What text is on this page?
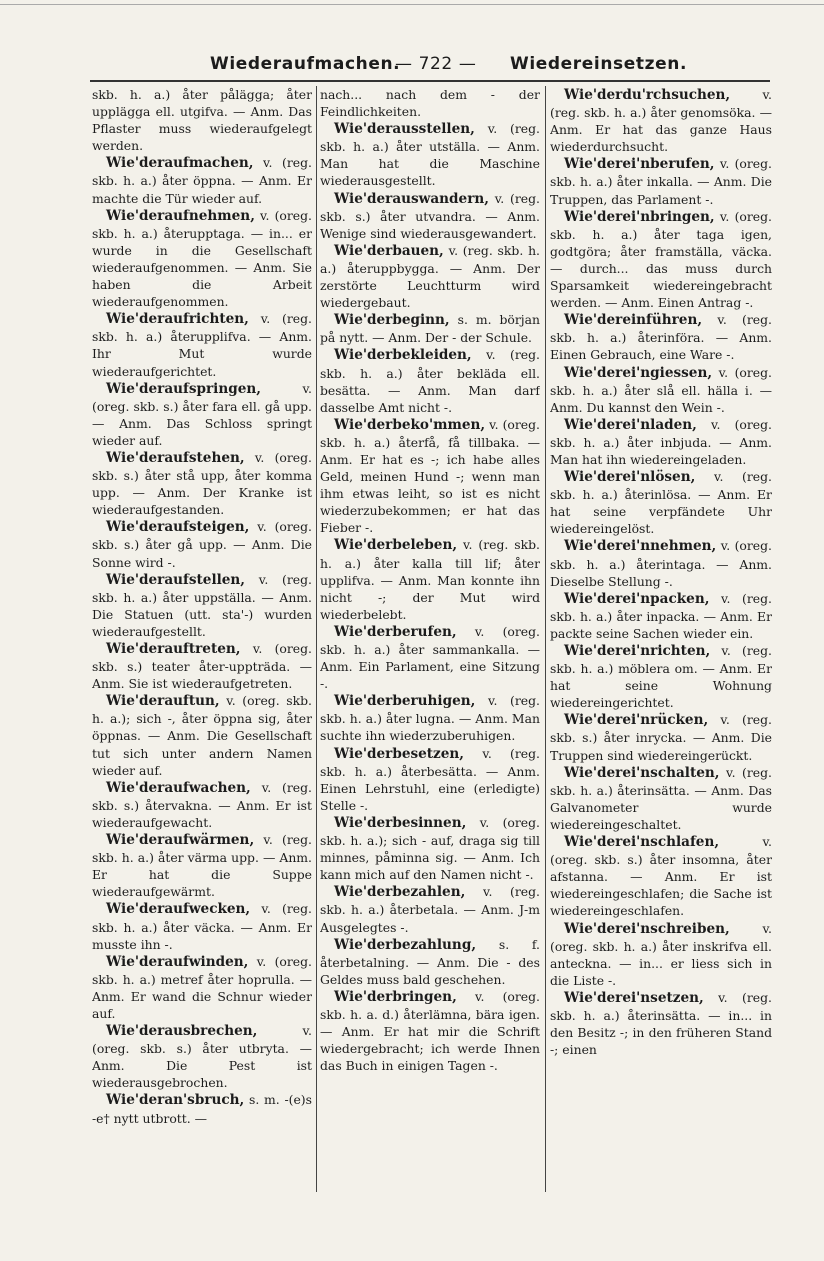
Wiederaufmachen.
— 722 — Wiedereinsetzen.
skb. h. a.) åter pålägga; åter upplägga ell. utgifva. — Anm. Das Pflaster muss wiederaufgelegt werden.
Wie'deraufmachen, v. (reg. skb. h. a.) åter öppna. — Anm. Er machte die Tür wieder auf.
Wie'deraufnehmen, v. (oreg. skb. h. a.) återupptaga. — in... er wurde in die Gesellschaft wiederaufgenommen. — Anm. Sie haben die Arbeit wiederaufgenommen.
Wie'deraufrichten, v. (reg. skb. h. a.) återupplifva. — Anm. Ihr Mut wurde wiederaufgerichtet.
Wie'deraufspringen,	v. (oreg. skb. s.) åter fara ell. gå upp. — Anm. Das Schloss springt wieder auf.
Wie'deraufstehen, v. (oreg. skb. s.) åter stå upp, åter komma upp. — Anm. Der Kranke ist wiederaufgestanden.
Wie'deraufsteigen, v. (oreg. skb. s.) åter gå upp. — Anm. Die Sonne wird -.
Wie'deraufstellen, v. (reg. skb. h. a.) åter uppställa. — Anm. Die Statuen (utt. sta'-) wurden wiederaufgestellt.
Wie'derauftreten, v. (oreg. skb. s.) teater åter-uppträda. — Anm. Sie ist wiederaufgetreten.
Wie'derauftun, v. (oreg. skb. h. a.); sich -, åter öppna sig, åter öppnas. — Anm. Die Gesellschaft tut sich unter andern Namen wieder auf.
Wie'deraufwachen, v. (reg. skb. s.) återvakna. — Anm. Er ist wiederaufgewacht.
Wie'deraufwärmen, v. (reg. skb. h. a.) åter värma upp. — Anm. Er hat die Suppe wiederaufgewärmt.
Wie'deraufwecken, v. (reg. skb. h. a.) åter väcka. — Anm. Er musste ihn -.
Wie'deraufwinden, v. (oreg. skb. h. a.) metref åter hoprulla. — Anm. Er wand die Schnur wieder auf.
Wie'derausbrechen,	v. (oreg. skb. s.) åter utbryta. — Anm. Die Pest ist wiederausgebrochen.
Wie'deran'sbruch, s. m. -(e)s -e† nytt utbrott. —
nach... nach dem - der Feindlichkeiten.
Wie'derausstellen, v. (reg. skb. h. a.) åter utställa. — Anm. Man hat die Maschine wiederausgestellt.
Wie'derauswandern, v. (reg. skb. s.) åter utvandra. — Anm. Wenige sind wiederausgewandert.
Wie'derbauen, v. (reg. skb. h. a.) återuppbygga. — Anm. Der zerstörte Leuchtturm wird wiedergebaut.
Wie'derbeginn, s. m. början på nytt. — Anm. Der - der Schule.
Wie'derbekleiden, v. (reg. skb. h. a.) åter bekläda ell. besätta. — Anm. Man darf dasselbe Amt nicht -.
Wie'derbeko'mmen, v. (oreg. skb. h. a.) återfå, få tillbaka. — Anm. Er hat es -; ich habe alles Geld, meinen Hund -; wenn man ihm etwas leiht, so ist es nicht wiederzubekommen; er hat das Fieber -.
Wie'derbeleben, v. (reg. skb. h. a.) åter kalla till lif; åter upplifva. — Anm. Man konnte ihn nicht -; der Mut wird wiederbelebt.
Wie'derberufen, v. (oreg. skb. h. a.) åter sammankalla. — Anm. Ein Parlament, eine Sitzung -.
Wie'derberuhigen, v. (reg. skb. h. a.) åter lugna. — Anm. Man suchte ihn wiederzuberuhigen.
Wie'derbesetzen, v. (reg. skb. h. a.) återbesätta. — Anm. Einen Lehrstuhl, eine (erledigte) Stelle -.
Wie'derbesinnen, v. (oreg. skb. h. a.); sich - auf, draga sig till minnes, påminna sig. — Anm. Ich kann mich auf den Namen nicht -.
Wie'derbezahlen, v. (reg. skb. h. a.) återbetala. — Anm. J-m Ausgelegtes -.
Wie'derbezahlung, s. f. återbetalning. — Anm. Die - des Geldes muss bald geschehen.
Wie'derbringen, v. (oreg. skb. h. a. d.) återlämna, bära igen. — Anm. Er hat mir die Schrift wiedergebracht; ich werde Ihnen das Buch in einigen Tagen -.
Wie'derdu'rchsuchen,	v. (reg. skb. h. a.) åter genomsöka. — Anm. Er hat das ganze Haus wiederdurchsucht.
Wie'derei'nberufen, v. (oreg. skb. h. a.) åter inkalla. — Anm. Die Truppen, das Parlament -.
Wie'derei'nbringen, v. (oreg. skb. h. a.) åter taga igen, godtgöra; åter framställa, väcka. — durch... das muss durch Sparsamkeit wiedereingebracht werden. — Anm. Einen Antrag -.
Wie'dereinführen, v. (reg. skb. h. a.) återinföra. — Anm. Einen Gebrauch, eine Ware -.
Wie'derei'ngiessen, v. (oreg. skb. h. a.) åter slå ell. hälla i. — Anm. Du kannst den Wein -.
Wie'derei'nladen, v. (oreg. skb. h. a.) åter inbjuda. — Anm. Man hat ihn wiedereingeladen.
Wie'derei'nlösen, v. (reg. skb. h. a.) återinlösa. — Anm. Er hat seine verpfändete Uhr wiedereingelöst.
Wie'derei'nnehmen, v. (oreg. skb. h. a.) återintaga. — Anm. Dieselbe Stellung -.
Wie'derei'npacken, v. (reg. skb. h. a.) åter inpacka. — Anm. Er packte seine Sachen wieder ein.
Wie'derei'nrichten, v. (reg. skb. h. a.) möblera om. — Anm. Er hat seine Wohnung wiedereingerichtet.
Wie'derei'nrücken, v. (reg. skb. s.) åter inrycka. — Anm. Die Truppen sind wiedereingerückt.
Wie'derei'nschalten, v. (reg. skb. h. a.) återinsätta. — Anm. Das Galvanometer wurde wiedereingeschaltet.
Wie'derei'nschlafen,	v. (oreg. skb. s.) åter insomna, åter afstanna. — Anm. Er ist wiedereingeschlafen; die Sache ist wiedereingeschlafen.
Wie'derei'nschreiben,	v. (oreg. skb. h. a.) åter inskrifva ell. anteckna. — in... er liess sich in die Liste -.
Wie'derei'nsetzen, v. (reg. skb. h. a.) återinsätta. — in... in den Besitz -; in den früheren Stand -; einen
